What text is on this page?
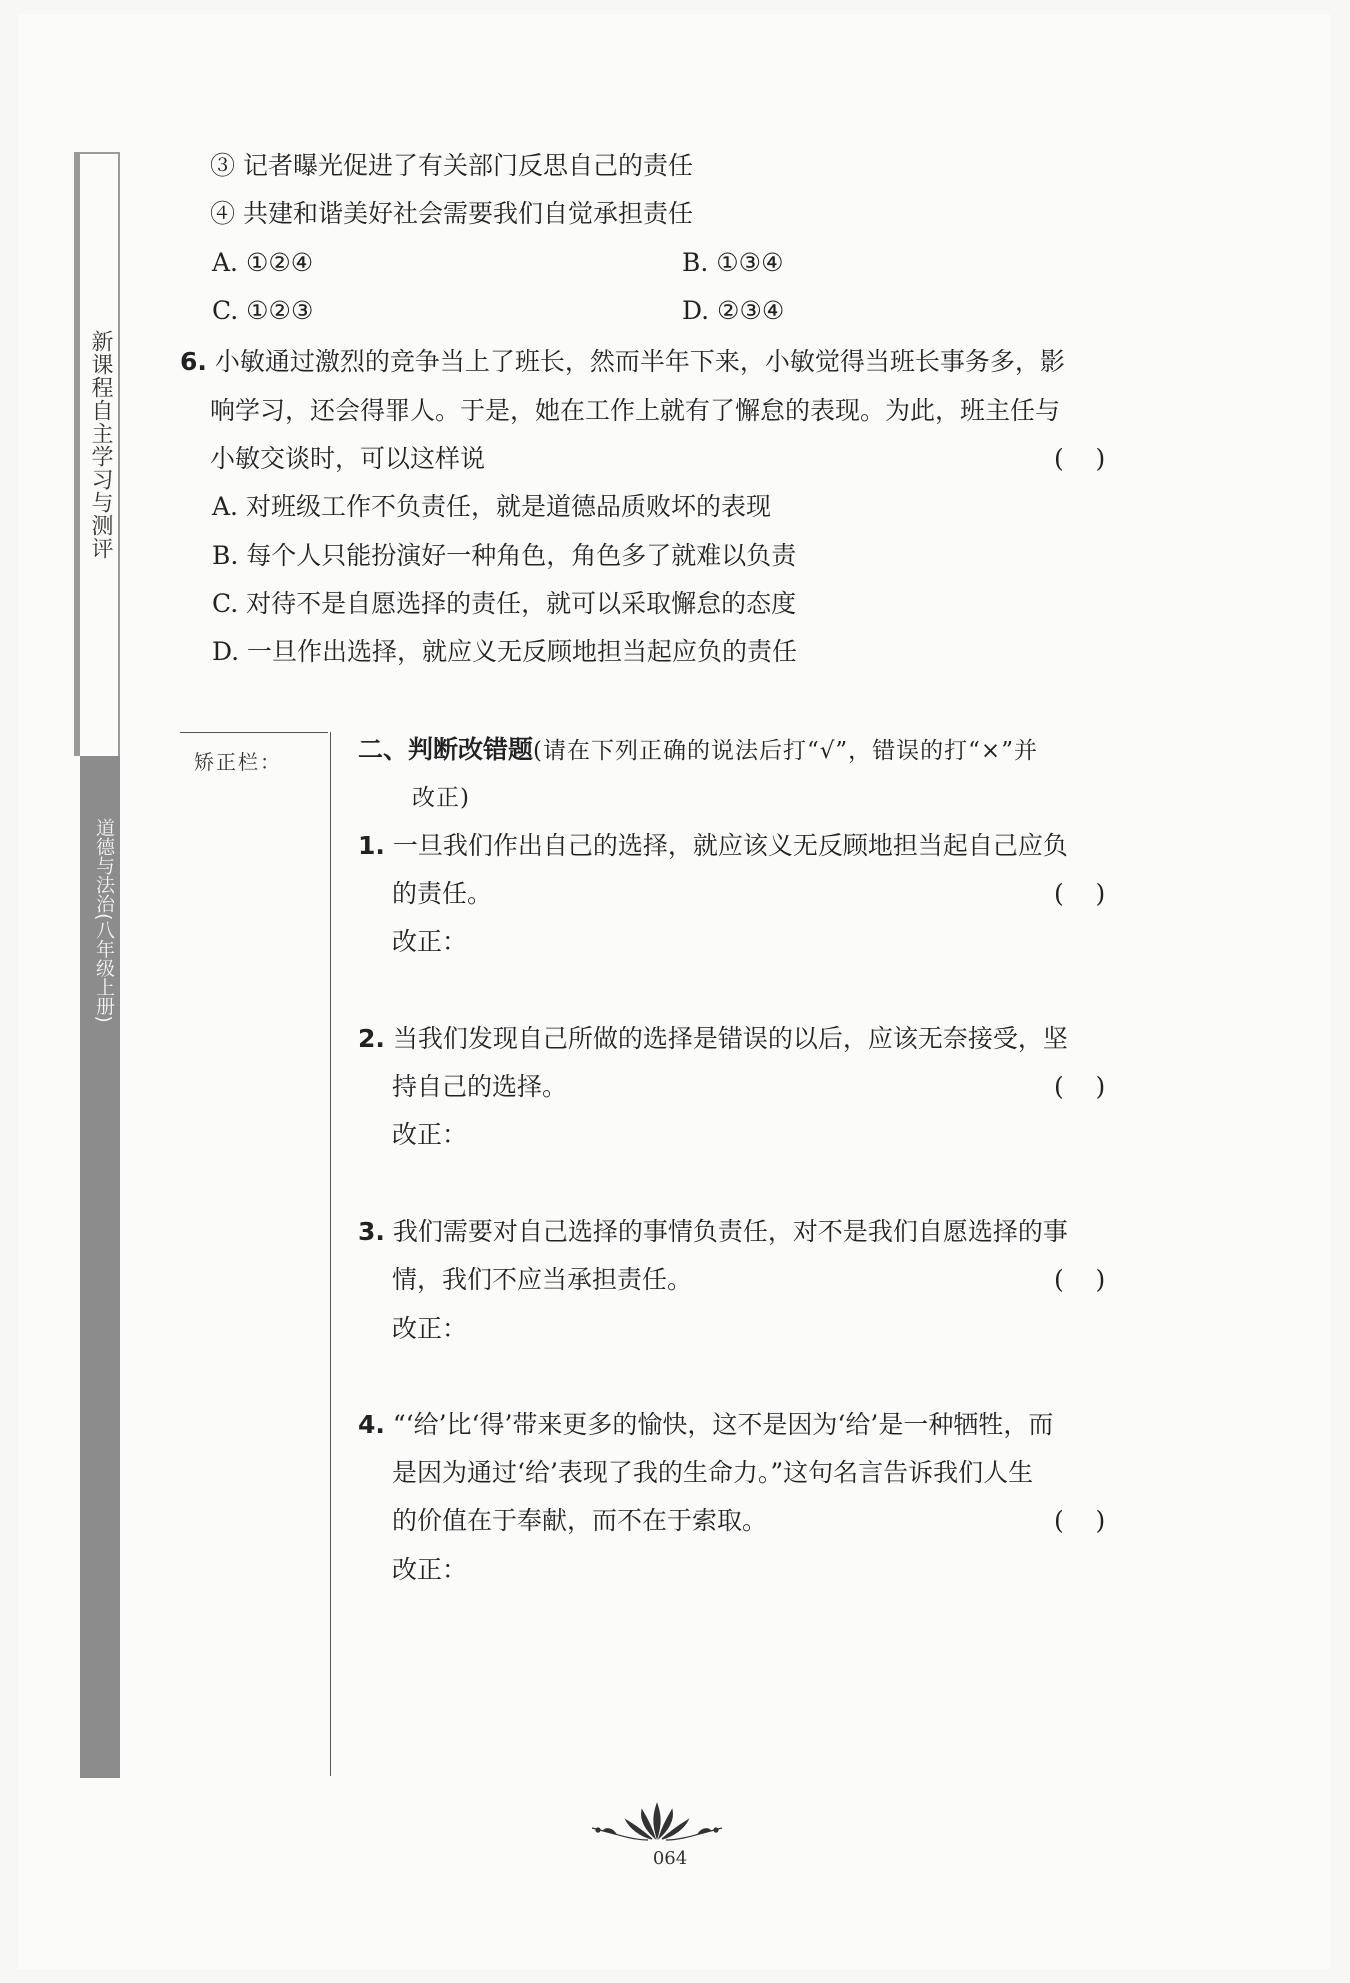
新课程自主学习与测评
道德与法治(八年级上册)
③ 记者曝光促进了有关部门反思自己的责任
④ 共建和谐美好社会需要我们自觉承担责任
A. ①②④	B. ①③④
C. ①②③	D. ②③④
6. 小敏通过激烈的竞争当上了班长，然而半年下来，小敏觉得当班长事务多，影
响学习，还会得罪人。于是，她在工作上就有了懈怠的表现。为此，班主任与
小敏交谈时，可以这样说	(    )
A. 对班级工作不负责任，就是道德品质败坏的表现
B. 每个人只能扮演好一种角色，角色多了就难以负责
C. 对待不是自愿选择的责任，就可以采取懈怠的态度
D. 一旦作出选择，就应义无反顾地担当起应负的责任
矫正栏：	二、判断改错题(请在下列正确的说法后打“√”，错误的打“×”并
改正)
1. 一旦我们作出自己的选择，就应该义无反顾地担当起自己应负
的责任。	(    )
改正：
2. 当我们发现自己所做的选择是错误的以后，应该无奈接受，坚
持自己的选择。	(    )
改正：
3. 我们需要对自己选择的事情负责任，对不是我们自愿选择的事
情，我们不应当承担责任。	(    )
改正：
4. “‘给’比‘得’带来更多的愉快，这不是因为‘给’是一种牺牲，而
是因为通过‘给’表现了我的生命力。”这句名言告诉我们人生
的价值在于奉献，而不在于索取。	(    )
改正：
064
